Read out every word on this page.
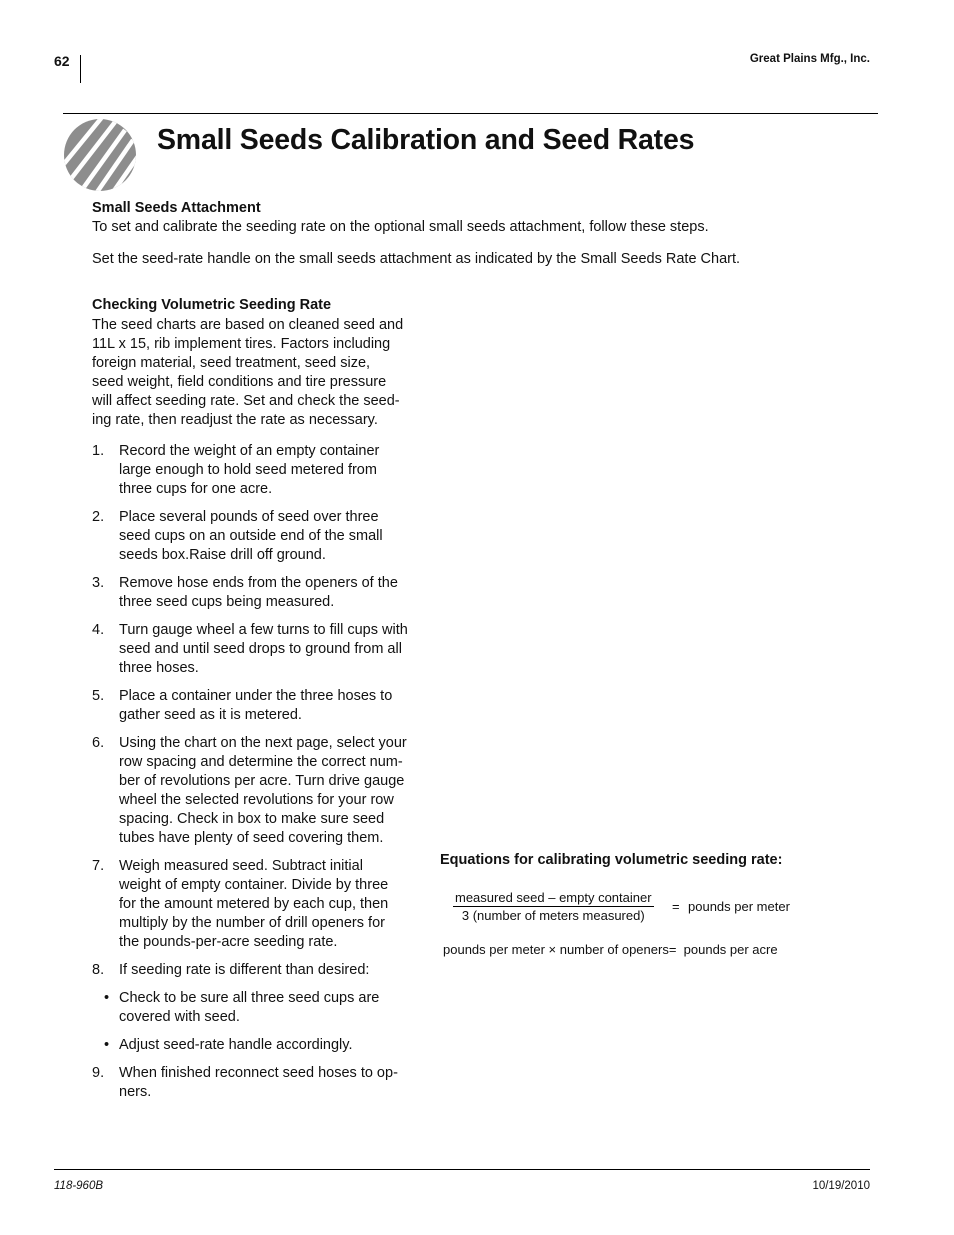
62	Great Plains Mfg., Inc.
Small Seeds Calibration and Seed Rates
Small Seeds Attachment
To set and calibrate the seeding rate on the optional small seeds attachment, follow these steps.
Set the seed-rate handle on the small seeds attachment as indicated by the Small Seeds Rate Chart.
Checking Volumetric Seeding Rate
The seed charts are based on cleaned seed and
11L x 15, rib implement tires. Factors including
foreign material, seed treatment, seed size,
seed weight, field conditions and tire pressure
will affect seeding rate. Set and check the seed-
ing rate, then readjust the rate as necessary.
1.	Record the weight of an empty container
large enough to hold seed metered from
three cups for one acre.
2.	Place several pounds of seed over three
seed cups on an outside end of the small
seeds box.Raise drill off ground.
3.	Remove hose ends from the openers of the
three seed cups being measured.
4.	Turn gauge wheel a few turns to fill cups with
seed and until seed drops to ground from all
three hoses.
5.	Place a container under the three hoses to
gather seed as it is metered.
6.	Using the chart on the next page, select your
row spacing and determine the correct num-
ber of revolutions per acre. Turn drive gauge
wheel the selected revolutions for your row
spacing. Check in box to make sure seed
tubes have plenty of seed covering them.
7.	Weigh measured seed. Subtract initial
weight of empty container. Divide by three
for the amount metered by each cup, then
multiply by the number of drill openers for
the pounds-per-acre seeding rate.
8.	If seeding rate is different than desired:
• Check to be sure all three seed cups are
covered with seed.
• Adjust seed-rate handle accordingly.
9.	When finished reconnect seed hoses to op-
ners.
Equations for calibrating volumetric seeding rate:
measured seed – empty container
3 (number of meters measured)
= pounds per meter
pounds per meter × number of openers=  pounds per acre
118-960B	10/19/2010
